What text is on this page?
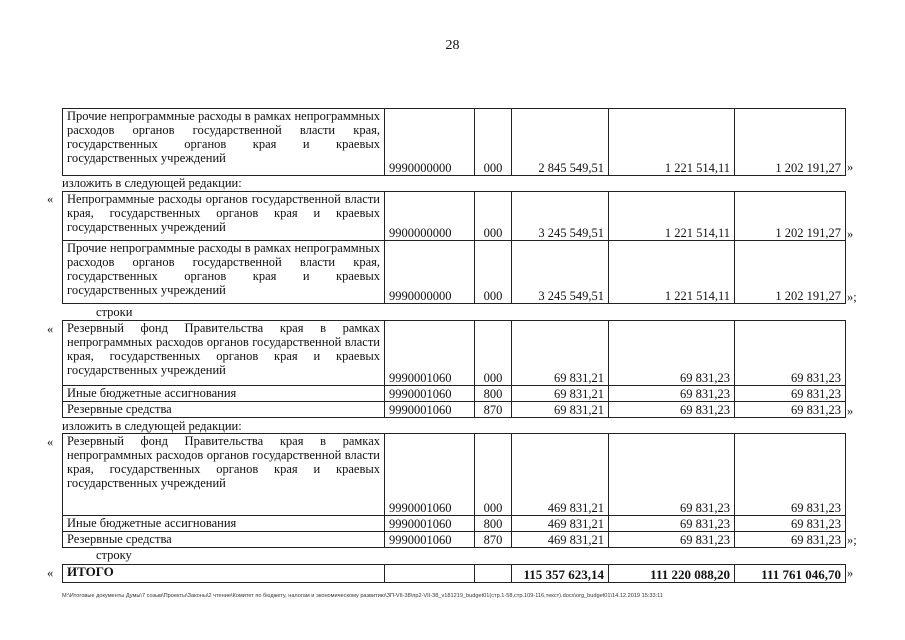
28
Прочие непрограммные расходы в рамках непрограммных расходов органов государственной власти края, государственных органов края и краевых государственных учреждений	9990000000	000	2 845 549,51	1 221 514,11	1 202 191,27 »
изложить в следующей редакции:
« Непрограммные расходы органов государственной власти края, государственных органов края и краевых государственных учреждений	9900000000	000	3 245 549,51	1 221 514,11	1 202 191,27
Прочие непрограммные расходы в рамках непрограммных расходов органов государственной власти края, государственных органов края и краевых государственных учреждений	9990000000	000	3 245 549,51	1 221 514,11	1 202 191,27
»
»;
строки
« Резервный фонд Правительства края в рамках непрограммных расходов органов государственной власти края, государственных органов края и краевых государственных учреждений	9990001060	000	69 831,21	69 831,23	69 831,23
Иные бюджетные ассигнования	9990001060	800	69 831,21	69 831,23	69 831,23
Резервные средства	9990001060	870	69 831,21	69 831,23	69 831,23 »
изложить в следующей редакции:
« Резервный фонд Правительства края в рамках непрограммных расходов органов государственной власти края, государственных органов края и краевых государственных учреждений	9990001060	000	469 831,21	69 831,23	69 831,23
Иные бюджетные ассигнования	9990001060	800	469 831,21	69 831,23	69 831,23
Резервные средства	9990001060	870	469 831,21	69 831,23	69 831,23 »;
строку
« ИТОГО			115 357 623,14	111 220 088,20	111 761 046,70 »
M:\Итоговые документы Думы\7 созыв\Проекты\Законы\2 чтение\Комитет по бюджету, налогам и экономическому развитию\ЗП-VII-38\пр2-VII-38_v181219_budget01(стр.1-58,стр.109-116,текст).docx\org_budget01\14.12.2019 15:33:11
